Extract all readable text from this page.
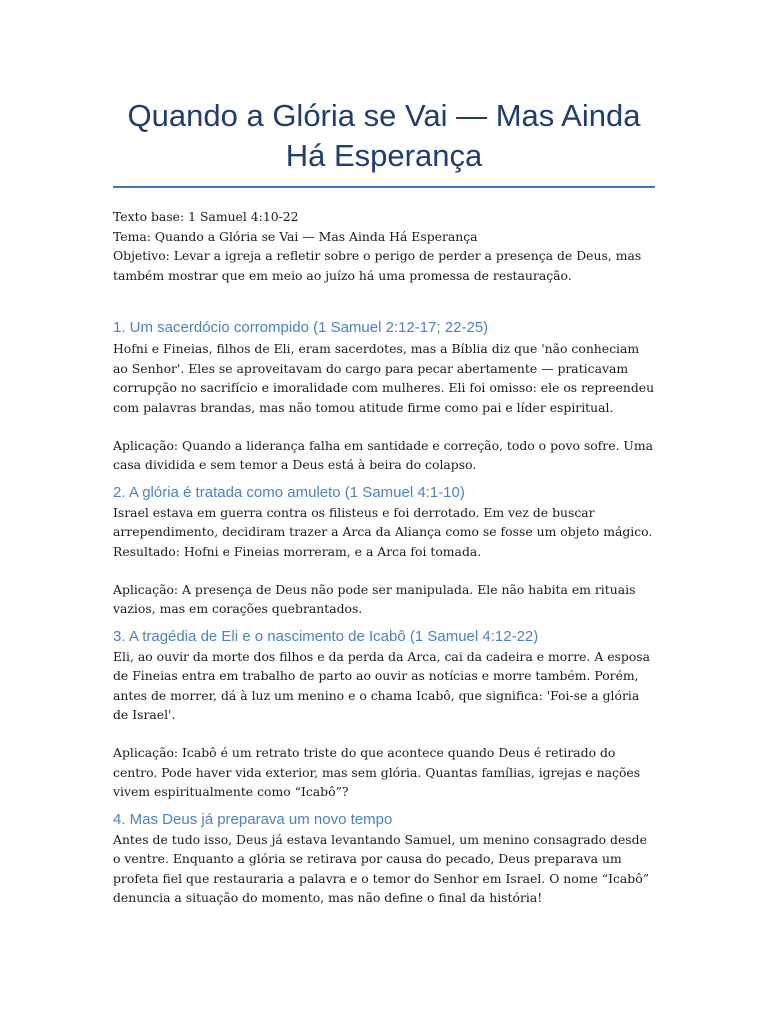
Quando a Glória se Vai — Mas Ainda Há Esperança
Texto base: 1 Samuel 4:10-22
Tema: Quando a Glória se Vai — Mas Ainda Há Esperança
Objetivo: Levar a igreja a refletir sobre o perigo de perder a presença de Deus, mas também mostrar que em meio ao juízo há uma promessa de restauração.
1. Um sacerdócio corrompido (1 Samuel 2:12-17; 22-25)

Hofni e Fineias, filhos de Eli, eram sacerdotes, mas a Bíblia diz que 'não conheciam ao Senhor'. Eles se aproveitavam do cargo para pecar abertamente — praticavam corrupção no sacrifício e imoralidade com mulheres. Eli foi omisso: ele os repreendeu com palavras brandas, mas não tomou atitude firme como pai e líder espiritual.

Aplicação: Quando a liderança falha em santidade e correção, todo o povo sofre. Uma casa dividida e sem temor a Deus está à beira do colapso.

2. A glória é tratada como amuleto (1 Samuel 4:1-10)

Israel estava em guerra contra os filisteus e foi derrotado. Em vez de buscar arrependimento, decidiram trazer a Arca da Aliança como se fosse um objeto mágico.

Resultado: Hofni e Fineias morreram, e a Arca foi tomada.

Aplicação: A presença de Deus não pode ser manipulada. Ele não habita em rituais vazios, mas em corações quebrantados.

3. A tragédia de Eli e o nascimento de Icabô (1 Samuel 4:12-22)

Eli, ao ouvir da morte dos filhos e da perda da Arca, cai da cadeira e morre. A esposa de Fineias entra em trabalho de parto ao ouvir as notícias e morre também. Porém, antes de morrer, dá à luz um menino e o chama Icabô, que significa: 'Foi-se a glória de Israel'.

Aplicação: Icabô é um retrato triste do que acontece quando Deus é retirado do centro. Pode haver vida exterior, mas sem glória. Quantas famílias, igrejas e nações vivem espiritualmente como “Icabô”?

4. Mas Deus já preparava um novo tempo

Antes de tudo isso, Deus já estava levantando Samuel, um menino consagrado desde o ventre. Enquanto a glória se retirava por causa do pecado, Deus preparava um profeta fiel que restauraria a palavra e o temor do Senhor em Israel. O nome “Icabô” denuncia a situação do momento, mas não define o final da história!
